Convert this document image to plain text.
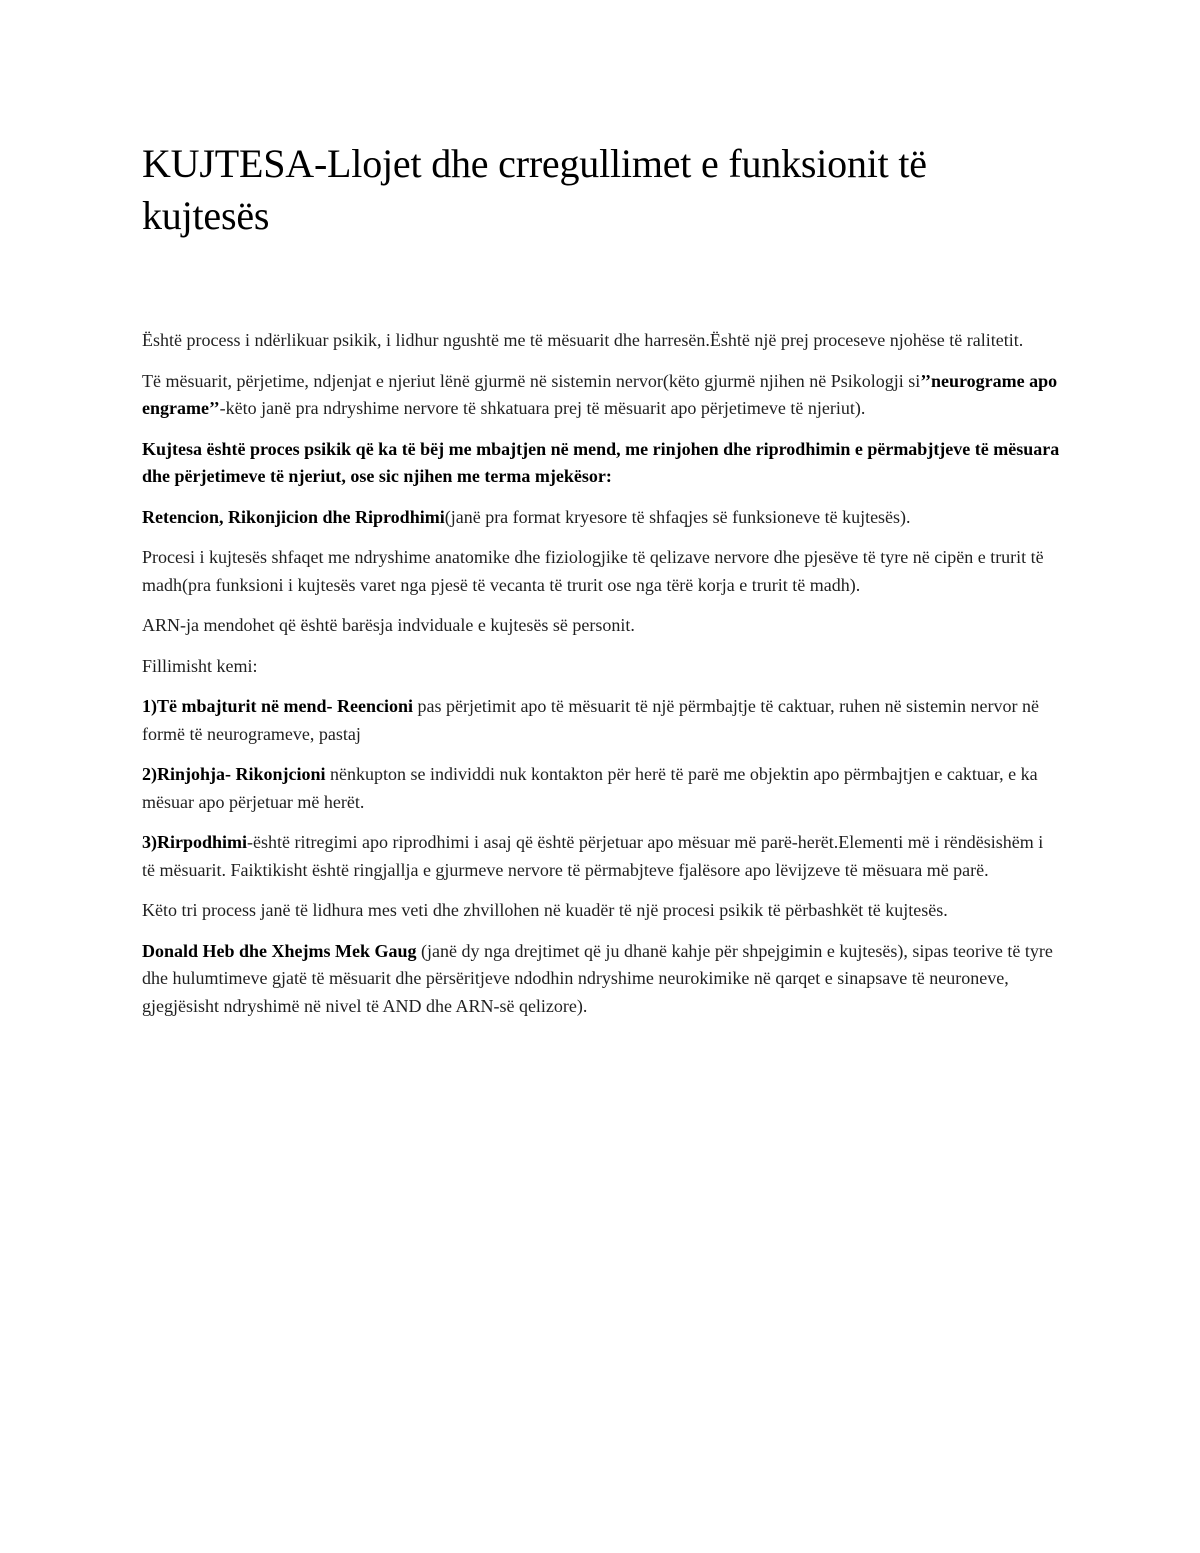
KUJTESA-Llojet dhe crregullimet e funksionit të kujtesës

Është process i ndërlikuar psikik, i lidhur ngushtë me të mësuarit dhe harresën.Është një prej proceseve njohëse të ralitetit.

Të mësuarit, përjetime, ndjenjat e njeriut lënë gjurmë në sistemin nervor(këto gjurmë njihen në Psikologji si’’neurograme apo engrame’’-këto janë pra ndryshime nervore të shkatuara prej të mësuarit apo përjetimeve të njeriut).

Kujtesa është proces psikik që ka të bëj me mbajtjen në mend, me rinjohen dhe riprodhimin e përmabjtjeve të mësuara dhe përjetimeve të njeriut, ose sic njihen me terma mjekësor:

Retencion, Rikonjicion dhe Riprodhimi(janë pra format kryesore të shfaqjes së funksioneve të kujtesës).

Procesi i kujtesës shfaqet me ndryshime anatomike dhe fiziologjike të qelizave nervore dhe pjesëve të tyre në cipën e trurit të madh(pra funksioni i kujtesës varet nga pjesë të vecanta të trurit ose nga tërë korja e trurit të madh).

ARN-ja mendohet që është barësja indviduale e kujtesës së personit.

Fillimisht kemi:

1)Të mbajturit në mend- Reencioni pas përjetimit apo të mësuarit të një përmbajtje të caktuar, ruhen në sistemin nervor në formë të neurogrameve, pastaj

2)Rinjohja- Rikonjcioni nënkupton se individdi nuk kontakton për herë të parë me objektin apo përmbajtjen e caktuar, e ka mësuar apo përjetuar më herët.

3)Rirpodhimi-është ritregimi apo riprodhimi i asaj që është përjetuar apo mësuar më parë-herët.Elementi më i rëndësishëm i të mësuarit. Faiktikisht është ringjallja e gjurmeve nervore të përmabjteve fjalësore apo lëvijzeve të mësuara më parë.

Këto tri process janë të lidhura mes veti dhe zhvillohen në kuadër të një procesi psikik të përbashkët të kujtesës.

Donald Heb dhe Xhejms Mek Gaug (janë dy nga drejtimet që ju dhanë kahje për shpejgimin e kujtesës), sipas teorive të tyre dhe hulumtimeve gjatë të mësuarit dhe përsëritjeve ndodhin ndryshime neurokimike në qarqet e sinapsave të neuroneve, gjegjësisht ndryshimë në nivel të AND dhe ARN-së qelizore).
